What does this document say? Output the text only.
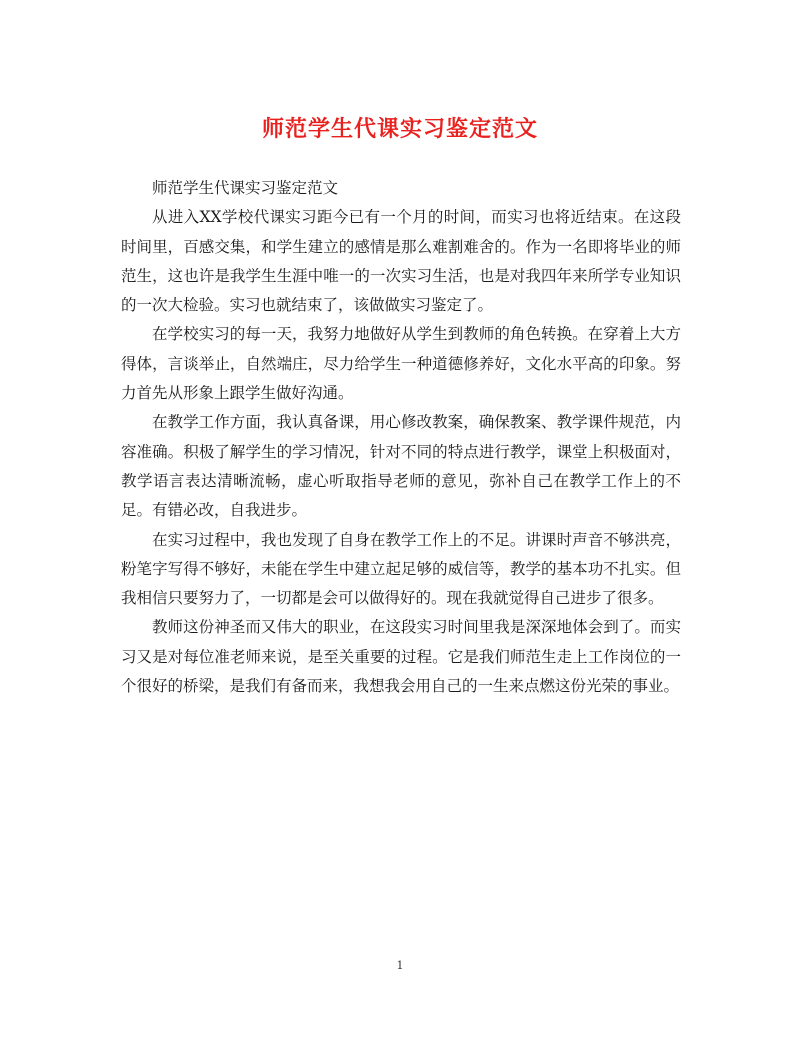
师范学生代课实习鉴定范文

师范学生代课实习鉴定范文

从进入XX学校代课实习距今已有一个月的时间，而实习也将近结束。在这段时间里，百感交集，和学生建立的感情是那么难割难舍的。作为一名即将毕业的师范生，这也许是我学生生涯中唯一的一次实习生活，也是对我四年来所学专业知识的一次大检验。实习也就结束了，该做做实习鉴定了。

在学校实习的每一天，我努力地做好从学生到教师的角色转换。在穿着上大方得体，言谈举止，自然端庄，尽力给学生一种道德修养好，文化水平高的印象。努力首先从形象上跟学生做好沟通。

在教学工作方面，我认真备课，用心修改教案，确保教案、教学课件规范，内容准确。积极了解学生的学习情况，针对不同的特点进行教学，课堂上积极面对，教学语言表达清晰流畅，虚心听取指导老师的意见，弥补自己在教学工作上的不足。有错必改，自我进步。

在实习过程中，我也发现了自身在教学工作上的不足。讲课时声音不够洪亮，粉笔字写得不够好，未能在学生中建立起足够的威信等，教学的基本功不扎实。但我相信只要努力了，一切都是会可以做得好的。现在我就觉得自己进步了很多。

教师这份神圣而又伟大的职业，在这段实习时间里我是深深地体会到了。而实习又是对每位准老师来说，是至关重要的过程。它是我们师范生走上工作岗位的一个很好的桥梁，是我们有备而来，我想我会用自己的一生来点燃这份光荣的事业。

1
